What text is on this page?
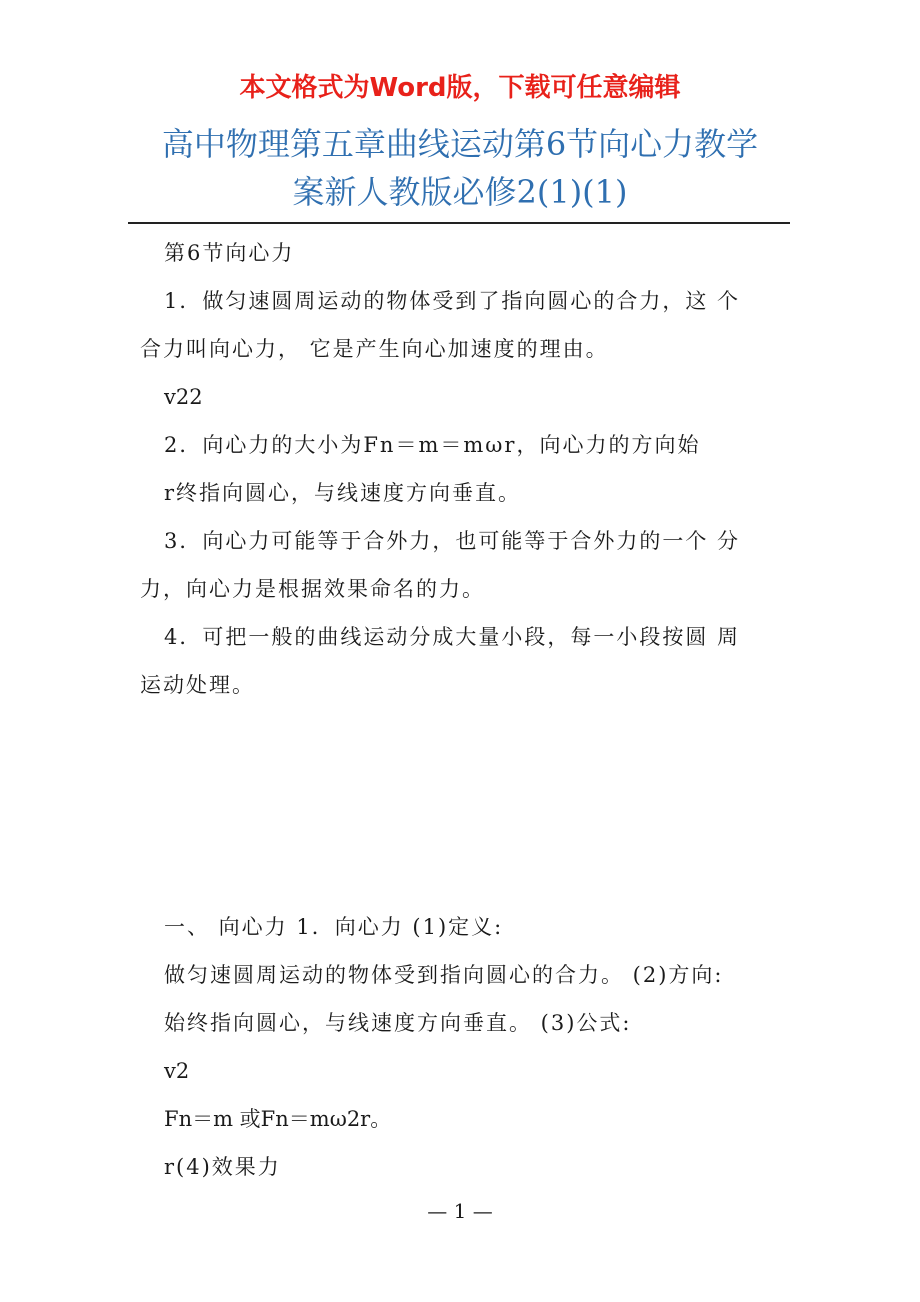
本文格式为Word版，下载可任意编辑
高中物理第五章曲线运动第6节向心力教学
案新人教版必修2(1)(1)
第6节向心力
1．做匀速圆周运动的物体受到了指向圆心的合力，这 个
合力叫向心力， 它是产生向心加速度的理由。
v22
2．向心力的大小为Fn＝m＝mωr，向心力的方向始
r终指向圆心，与线速度方向垂直。
3．向心力可能等于合外力，也可能等于合外力的一个 分
力，向心力是根据效果命名的力。
4．可把一般的曲线运动分成大量小段，每一小段按圆 周
运动处理。
一、 向心力 1．向心力 (1)定义:
做匀速圆周运动的物体受到指向圆心的合力。 (2)方向:
始终指向圆心，与线速度方向垂直。 (3)公式:
v2
Fn＝m 或Fn＝mω2r。
r(4)效果力
— 1 —
